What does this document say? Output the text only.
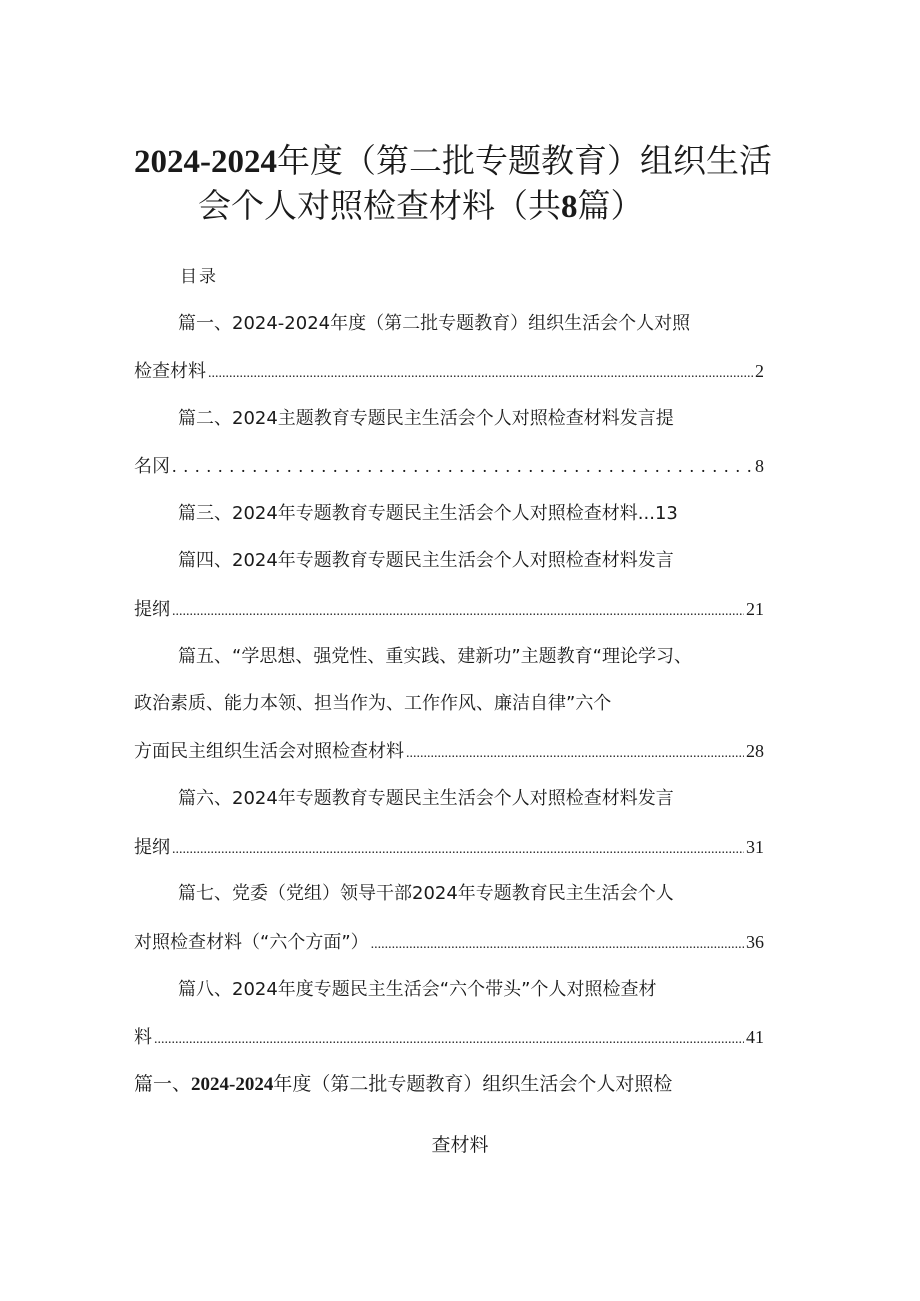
2024-2024年度（第二批专题教育）组织生活
会个人对照检查材料（共8篇）
目录
篇一、2024-2024年度（第二批专题教育）组织生活会个人对照
检查材料 .....	2
篇二、2024主题教育专题民主生活会个人对照检查材料发言提
名冈 .....	8
篇三、2024年专题教育专题民主生活会个人对照检查材料...13
篇四、2024年专题教育专题民主生活会个人对照检查材料发言
提纲 .....	21
篇五、“学思想、强党性、重实践、建新功”主题教育“理论学习、
政治素质、能力本领、担当作为、工作作风、廉洁自律”六个
方面民主组织生活会对照检查材料 .....	28
篇六、2024年专题教育专题民主生活会个人对照检查材料发言
提纲 .....	31
篇七、党委（党组）领导干部2024年专题教育民主生活会个人
对照检查材料（“六个方面”） .....	36
篇八、2024年度专题民主生活会“六个带头”个人对照检查材
料 .....	41
篇一、2024-2024年度（第二批专题教育）组织生活会个人对照检
查材料
